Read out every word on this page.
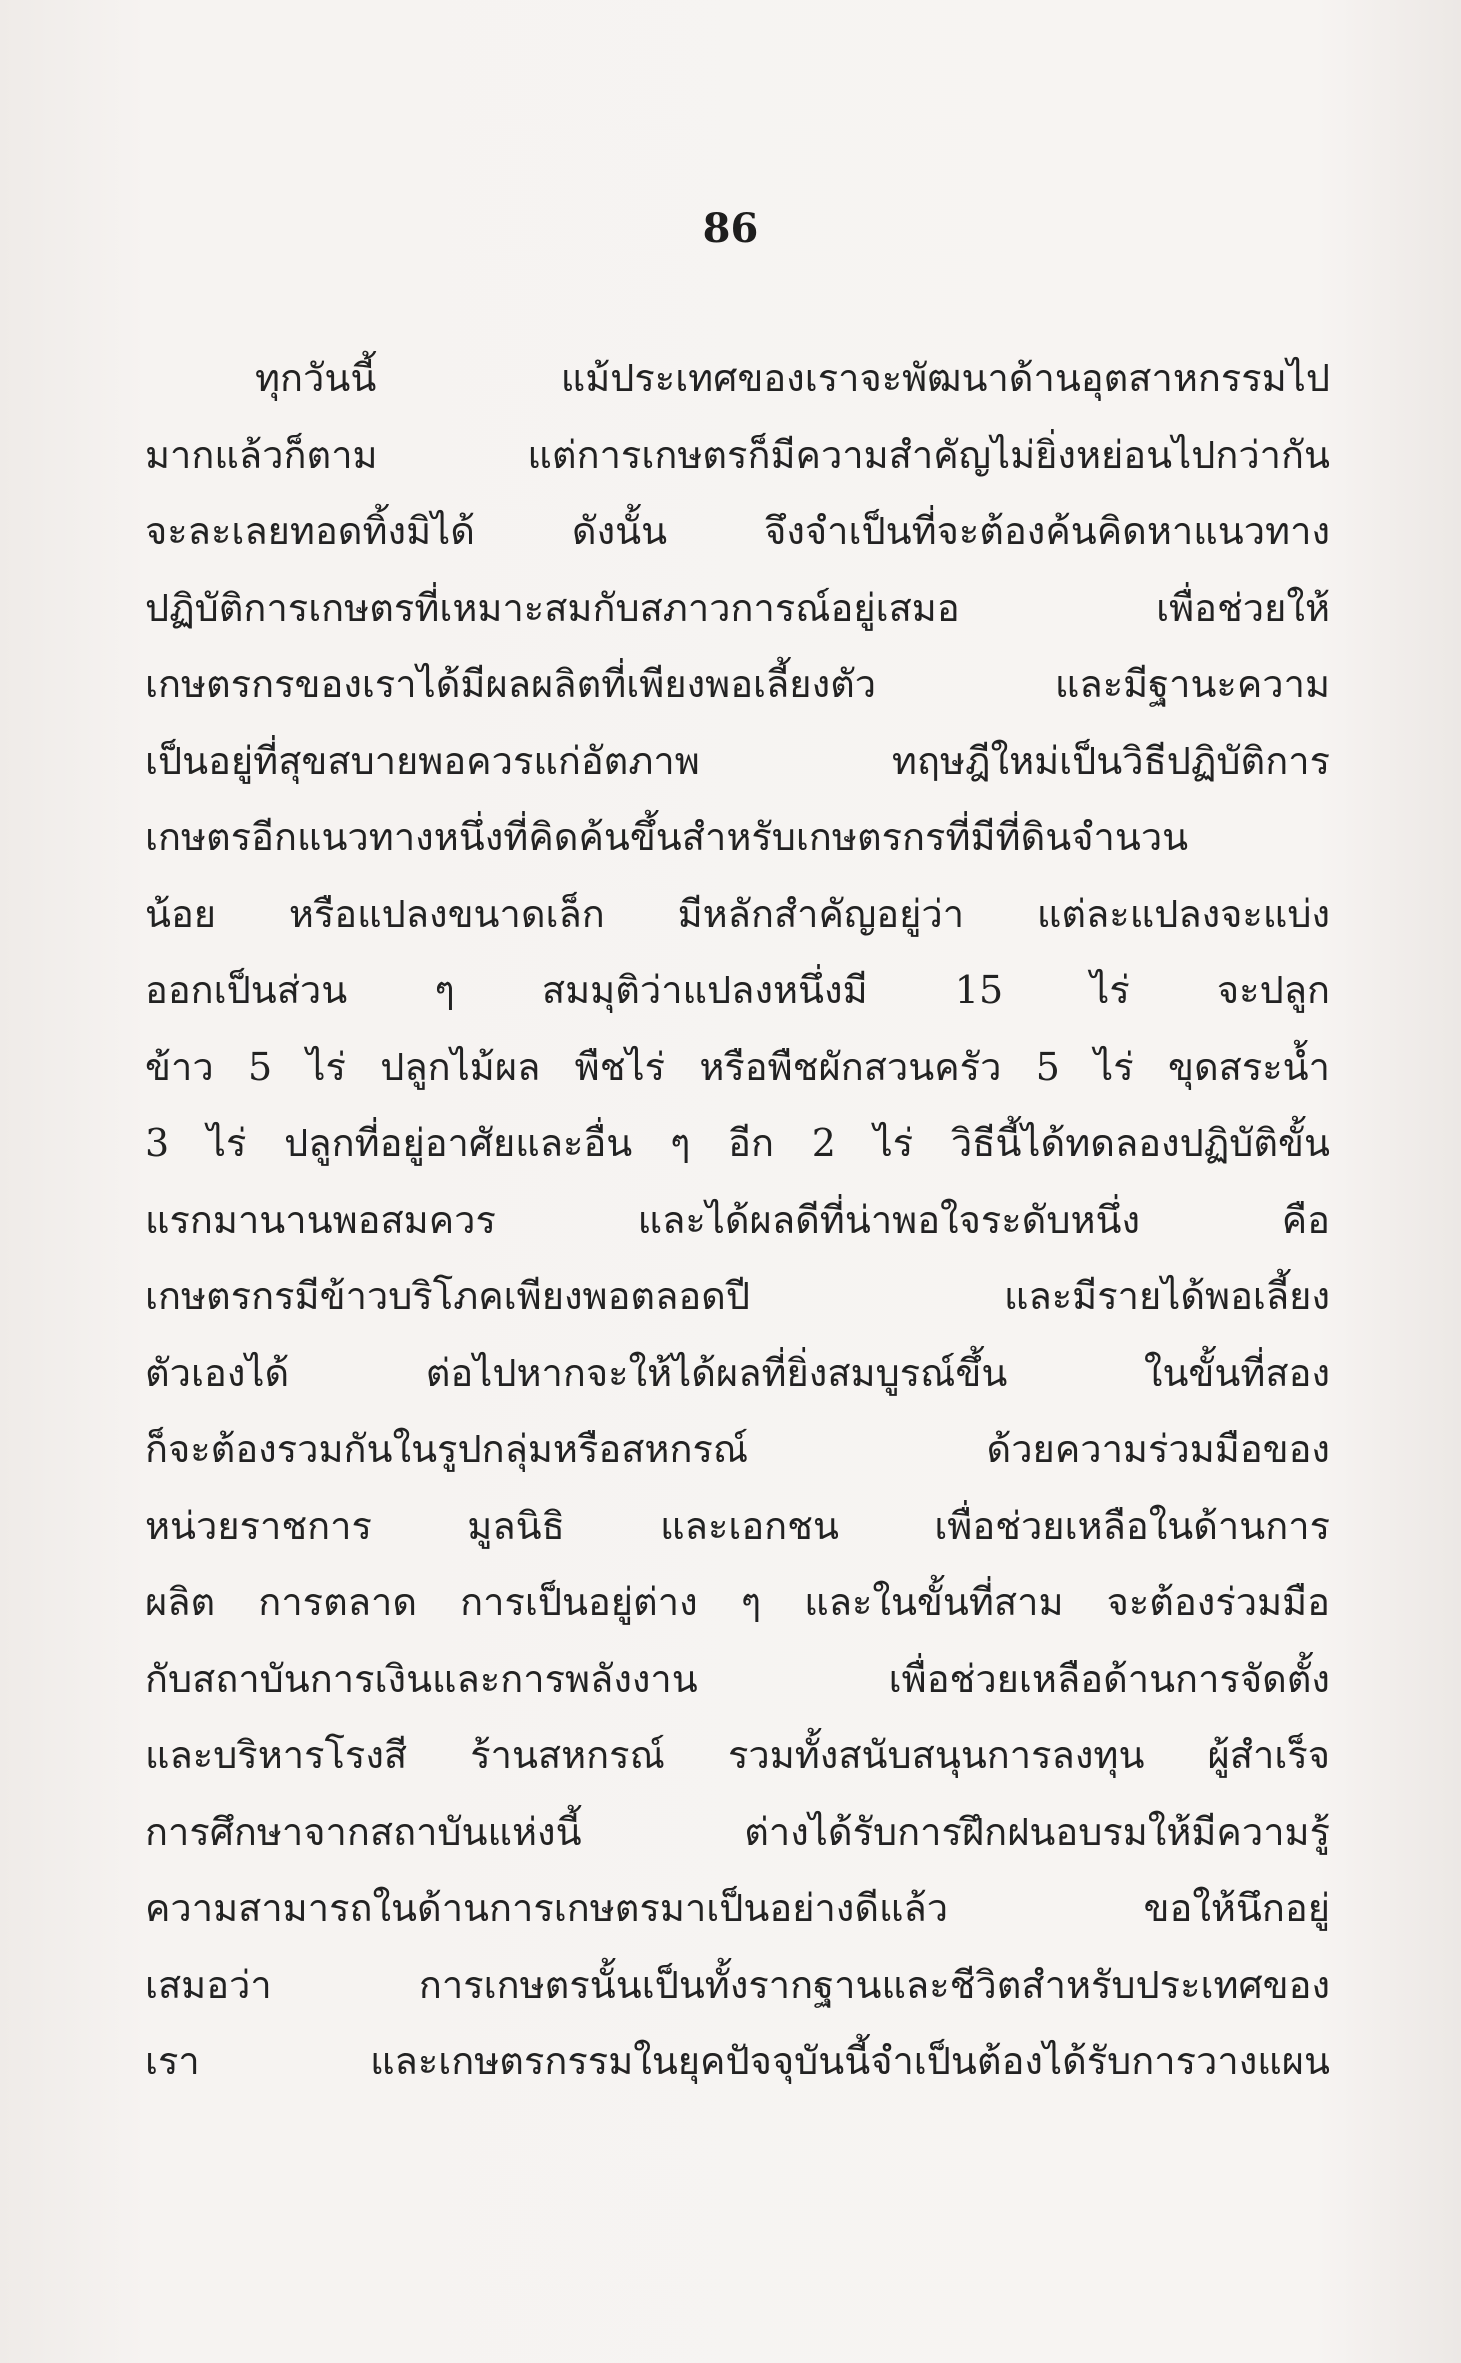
86
ทุกวันนี้ แม้ประเทศของเราจะพัฒนาด้านอุตสาหกรรมไป
มากแล้วก็ตาม แต่การเกษตรก็มีความสำคัญไม่ยิ่งหย่อนไปกว่ากัน
จะละเลยทอดทิ้งมิได้ ดังนั้น จึงจำเป็นที่จะต้องค้นคิดหาแนวทาง
ปฏิบัติการเกษตรที่เหมาะสมกับสภาวการณ์อยู่เสมอ เพื่อช่วยให้
เกษตรกรของเราได้มีผลผลิตที่เพียงพอเลี้ยงตัว และมีฐานะความ
เป็นอยู่ที่สุขสบายพอควรแก่อัตภาพ ทฤษฎีใหม่เป็นวิธีปฏิบัติการ
เกษตรอีกแนวทางหนึ่งที่คิดค้นขึ้นสำหรับเกษตรกรที่มีที่ดินจำนวน
น้อย หรือแปลงขนาดเล็ก มีหลักสำคัญอยู่ว่า แต่ละแปลงจะแบ่ง
ออกเป็นส่วน ๆ สมมุติว่าแปลงหนึ่งมี 15 ไร่ จะปลูก
ข้าว 5 ไร่ ปลูกไม้ผล พืชไร่ หรือพืชผักสวนครัว 5 ไร่ ขุดสระน้ำ
3 ไร่ ปลูกที่อยู่อาศัยและอื่น ๆ อีก 2 ไร่ วิธีนี้ได้ทดลองปฏิบัติขั้น
แรกมานานพอสมควร และได้ผลดีที่น่าพอใจระดับหนึ่ง คือ
เกษตรกรมีข้าวบริโภคเพียงพอตลอดปี และมีรายได้พอเลี้ยง
ตัวเองได้ ต่อไปหากจะให้ได้ผลที่ยิ่งสมบูรณ์ขึ้น ในขั้นที่สอง
ก็จะต้องรวมกันในรูปกลุ่มหรือสหกรณ์ ด้วยความร่วมมือของ
หน่วยราชการ มูลนิธิ และเอกชน เพื่อช่วยเหลือในด้านการ
ผลิต การตลาด การเป็นอยู่ต่าง ๆ และในขั้นที่สาม จะต้องร่วมมือ
กับสถาบันการเงินและการพลังงาน เพื่อช่วยเหลือด้านการจัดตั้ง
และบริหารโรงสี ร้านสหกรณ์ รวมทั้งสนับสนุนการลงทุน ผู้สำเร็จ
การศึกษาจากสถาบันแห่งนี้ ต่างได้รับการฝึกฝนอบรมให้มีความรู้
ความสามารถในด้านการเกษตรมาเป็นอย่างดีแล้ว ขอให้นึกอยู่
เสมอว่า การเกษตรนั้นเป็นทั้งรากฐานและชีวิตสำหรับประเทศของ
เรา และเกษตรกรรมในยุคปัจจุบันนี้จำเป็นต้องได้รับการวางแผน
